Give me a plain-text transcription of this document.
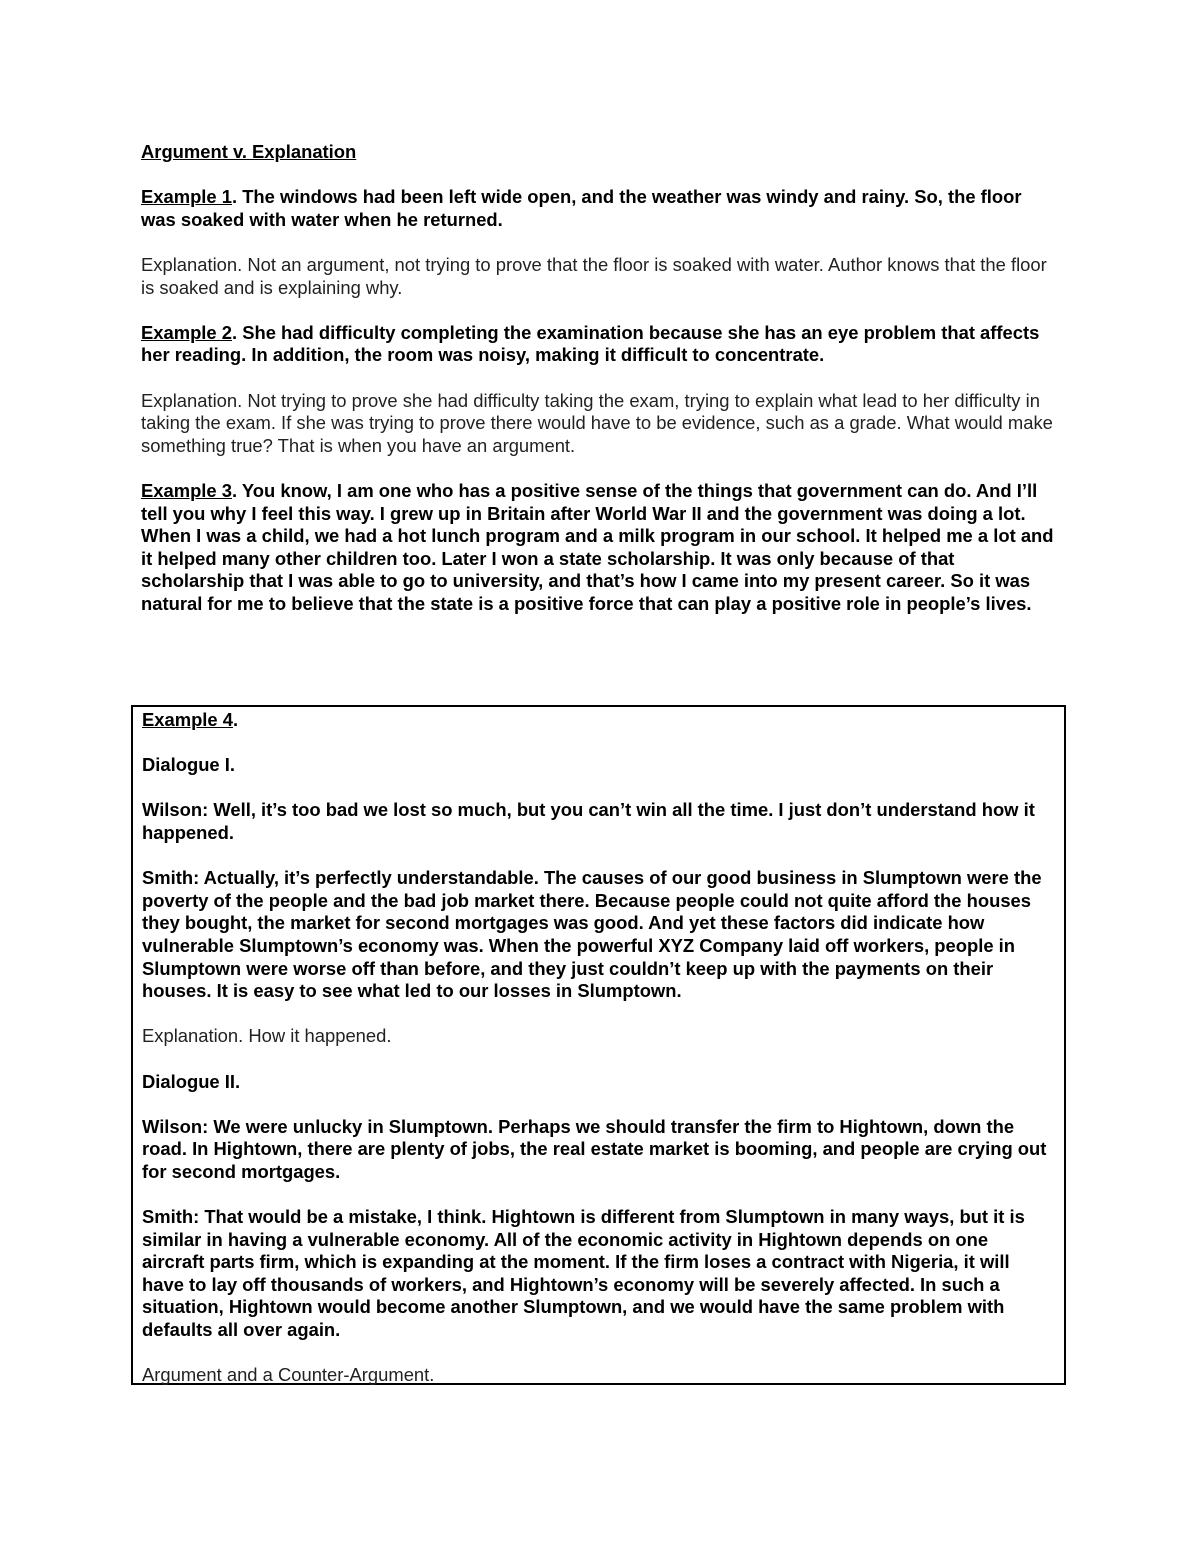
Argument v. Explanation

Example 1. The windows had been left wide open, and the weather was windy and rainy. So, the floor was soaked with water when he returned.

Explanation. Not an argument, not trying to prove that the floor is soaked with water. Author knows that the floor is soaked and is explaining why.

Example 2. She had difficulty completing the examination because she has an eye problem that affects her reading. In addition, the room was noisy, making it difficult to concentrate.

Explanation. Not trying to prove she had difficulty taking the exam, trying to explain what lead to her difficulty in taking the exam. If she was trying to prove there would have to be evidence, such as a grade. What would make something true? That is when you have an argument.

Example 3. You know, I am one who has a positive sense of the things that government can do. And I’ll tell you why I feel this way. I grew up in Britain after World War II and the government was doing a lot. When I was a child, we had a hot lunch program and a milk program in our school. It helped me a lot and it helped many other children too. Later I won a state scholarship. It was only because of that scholarship that I was able to go to university, and that’s how I came into my present career. So it was natural for me to believe that the state is a positive force that can play a positive role in people’s lives.

Example 4.

Dialogue I.

Wilson: Well, it’s too bad we lost so much, but you can’t win all the time. I just don’t understand how it happened.

Smith: Actually, it’s perfectly understandable. The causes of our good business in Slumptown were the poverty of the people and the bad job market there. Because people could not quite afford the houses they bought, the market for second mortgages was good. And yet these factors did indicate how vulnerable Slumptown’s economy was. When the powerful XYZ Company laid off workers, people in Slumptown were worse off than before, and they just couldn’t keep up with the payments on their houses. It is easy to see what led to our losses in Slumptown.

Explanation. How it happened.

Dialogue II.

Wilson: We were unlucky in Slumptown. Perhaps we should transfer the firm to Hightown, down the road. In Hightown, there are plenty of jobs, the real estate market is booming, and people are crying out for second mortgages.

Smith: That would be a mistake, I think. Hightown is different from Slumptown in many ways, but it is similar in having a vulnerable economy. All of the economic activity in Hightown depends on one aircraft parts firm, which is expanding at the moment. If the firm loses a contract with Nigeria, it will have to lay off thousands of workers, and Hightown’s economy will be severely affected. In such a situation, Hightown would become another Slumptown, and we would have the same problem with defaults all over again.

Argument and a Counter-Argument.
